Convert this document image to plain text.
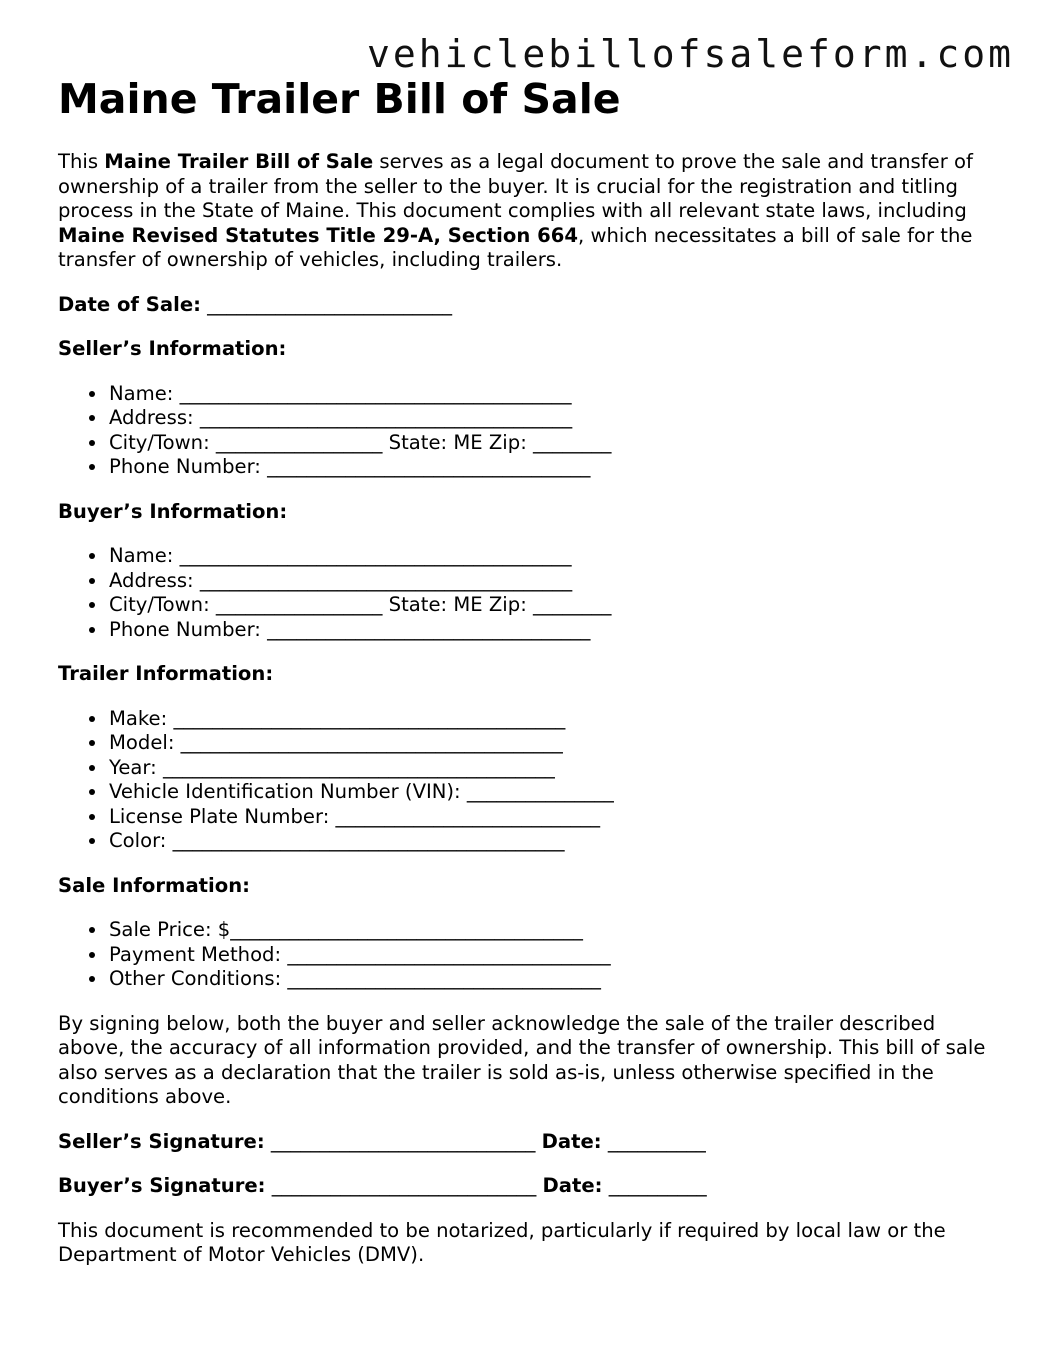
vehiclebillofsaleform.com
Maine Trailer Bill of Sale

This Maine Trailer Bill of Sale serves as a legal document to prove the sale and transfer of ownership of a trailer from the seller to the buyer. It is crucial for the registration and titling process in the State of Maine. This document complies with all relevant state laws, including Maine Revised Statutes Title 29-A, Section 664, which necessitates a bill of sale for the transfer of ownership of vehicles, including trailers.

Date of Sale: _________________________

Seller’s Information:

• Name: ________________________________________
• Address: ______________________________________
• City/Town: _________________ State: ME Zip: ________
• Phone Number: _________________________________

Buyer’s Information:

• Name: ________________________________________
• Address: ______________________________________
• City/Town: _________________ State: ME Zip: ________
• Phone Number: _________________________________

Trailer Information:

• Make: ________________________________________
• Model: _______________________________________
• Year: ________________________________________
• Vehicle Identification Number (VIN): _______________
• License Plate Number: ___________________________
• Color: ________________________________________

Sale Information:

• Sale Price: $____________________________________
• Payment Method: _________________________________
• Other Conditions: ________________________________

By signing below, both the buyer and seller acknowledge the sale of the trailer described above, the accuracy of all information provided, and the transfer of ownership. This bill of sale also serves as a declaration that the trailer is sold as-is, unless otherwise specified in the conditions above.

Seller’s Signature: ___________________________ Date: __________

Buyer’s Signature: ___________________________ Date: __________

This document is recommended to be notarized, particularly if required by local law or the Department of Motor Vehicles (DMV).
